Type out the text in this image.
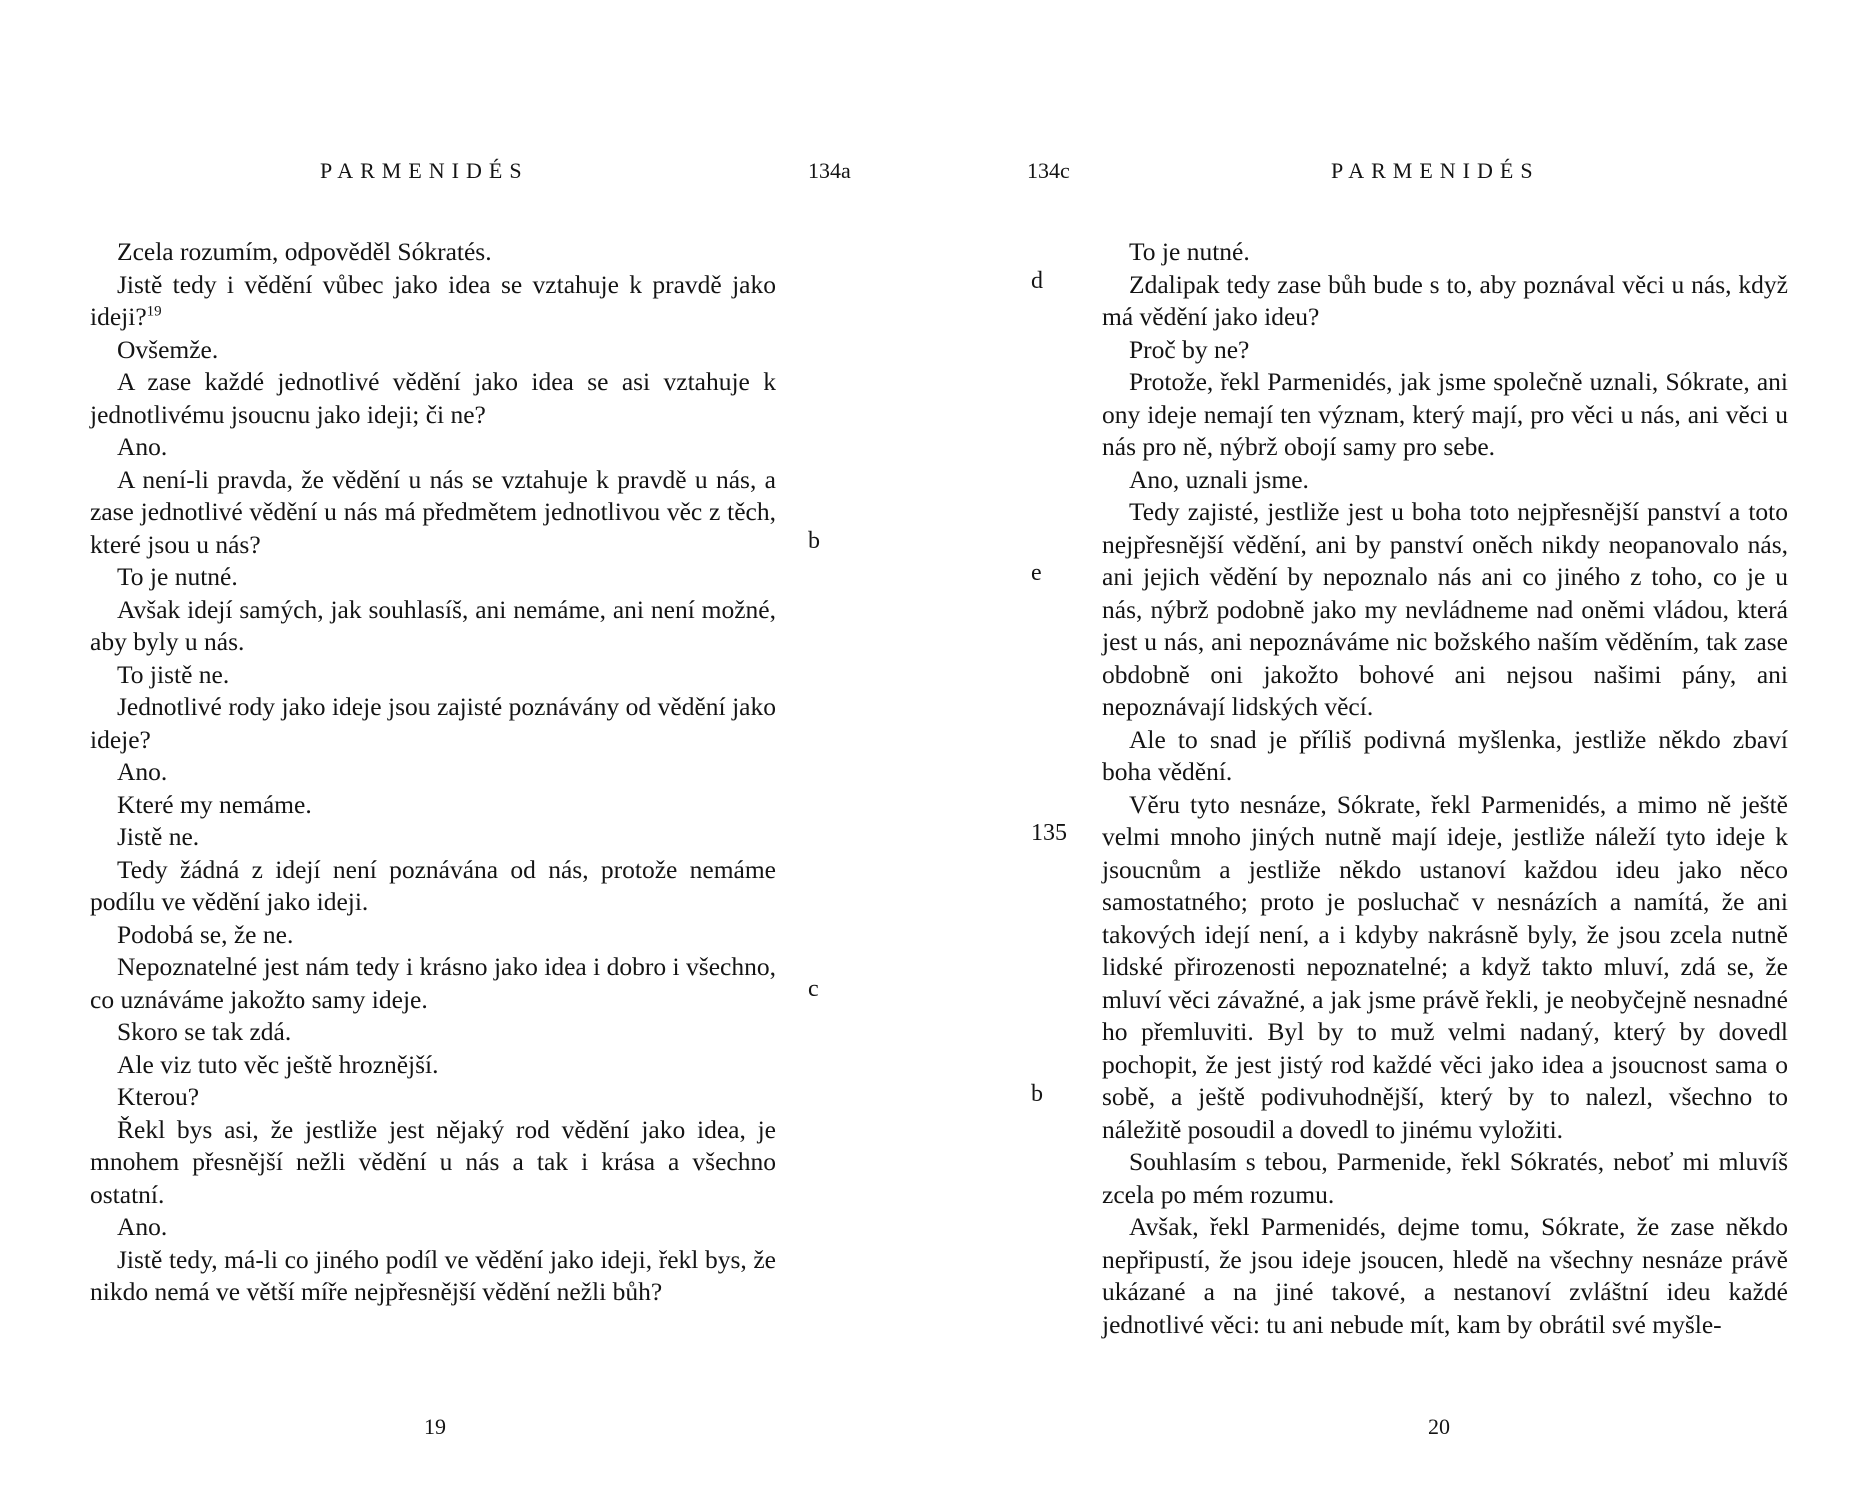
PARMENIDÉS	134a
b
c

Zcela rozumím, odpověděl Sókratés.

Jistě tedy i vědění vůbec jako idea se vztahuje k pravdě jako ideji?$^{19}$

Ovšemže.

A zase každé jednotlivé vědění jako idea se asi vztahuje k jednotlivému jsoucnu jako ideji; či ne?

Ano.

A není-li pravda, že vědění u nás se vztahuje k pravdě u nás, a zase jednotlivé vědění u nás má předmětem jednotlivou věc z těch, které jsou u nás?

To je nutné.

Avšak idejí samých, jak souhlasíš, ani nemáme, ani není možné, aby byly u nás.

To jistě ne.

Jednotlivé rody jako ideje jsou zajisté poznávány od vědění jako ideje?

Ano.

Které my nemáme.

Jistě ne.

Tedy žádná z idejí není poznávána od nás, protože nemáme podílu ve vědění jako ideji.

Podobá se, že ne.

Nepoznatelné jest nám tedy i krásno jako idea i dobro i všechno, co uznáváme jakožto samy ideje.

Skoro se tak zdá.

Ale viz tuto věc ještě hroznější.

Kterou?

Řekl bys asi, že jestliže jest nějaký rod vědění jako idea, je mnohem přesnější nežli vědění u nás a tak i krása a všechno ostatní.

Ano.

Jistě tedy, má-li co jiného podíl ve vědění jako ideji, řekl bys, že nikdo nemá ve větší míře nejpřesnější vědění nežli bůh?

19
134c	PARMENIDÉS
d
e
135
b

To je nutné.

Zdalipak tedy zase bůh bude s to, aby poznával věci u nás, když má vědění jako ideu?

Proč by ne?

Protože, řekl Parmenidés, jak jsme společně uznali, Sókrate, ani ony ideje nemají ten význam, který mají, pro věci u nás, ani věci u nás pro ně, nýbrž obojí samy pro sebe.

Ano, uznali jsme.

Tedy zajisté, jestliže jest u boha toto nejpřesnější panství a toto nejpřesnější vědění, ani by panství oněch nikdy neopanovalo nás, ani jejich vědění by nepoznalo nás ani co jiného z toho, co je u nás, nýbrž podobně jako my nevládneme nad oněmi vládou, která jest u nás, ani nepoznáváme nic božského naším věděním, tak zase obdobně oni jakožto bohové ani nejsou našimi pány, ani nepoznávají lidských věcí.

Ale to snad je příliš podivná myšlenka, jestliže někdo zbaví boha vědění.

Věru tyto nesnáze, Sókrate, řekl Parmenidés, a mimo ně ještě velmi mnoho jiných nutně mají ideje, jestliže náleží tyto ideje k jsoucnům a jestliže někdo ustanoví každou ideu jako něco samostatného; proto je posluchač v nesnázích a namítá, že ani takových idejí není, a i kdyby nakrásně byly, že jsou zcela nutně lidské přirozenosti nepoznatelné; a když takto mluví, zdá se, že mluví věci závažné, a jak jsme právě řekli, je neobyčejně nesnadné ho přemluviti. Byl by to muž velmi nadaný, který by dovedl pochopit, že jest jistý rod každé věci jako idea a jsoucnost sama o sobě, a ještě podivuhodnější, který by to nalezl, všechno to náležitě posoudil a dovedl to jinému vyložiti.

Souhlasím s tebou, Parmenide, řekl Sókratés, neboť mi mluvíš zcela po mém rozumu.

Avšak, řekl Parmenidés, dejme tomu, Sókrate, že zase někdo nepřipustí, že jsou ideje jsoucen, hledě na všechny nesnáze právě ukázané a na jiné takové, a nestanoví zvláštní ideu každé jednotlivé věci: tu ani nebude mít, kam by obrátil své myšle-

20
